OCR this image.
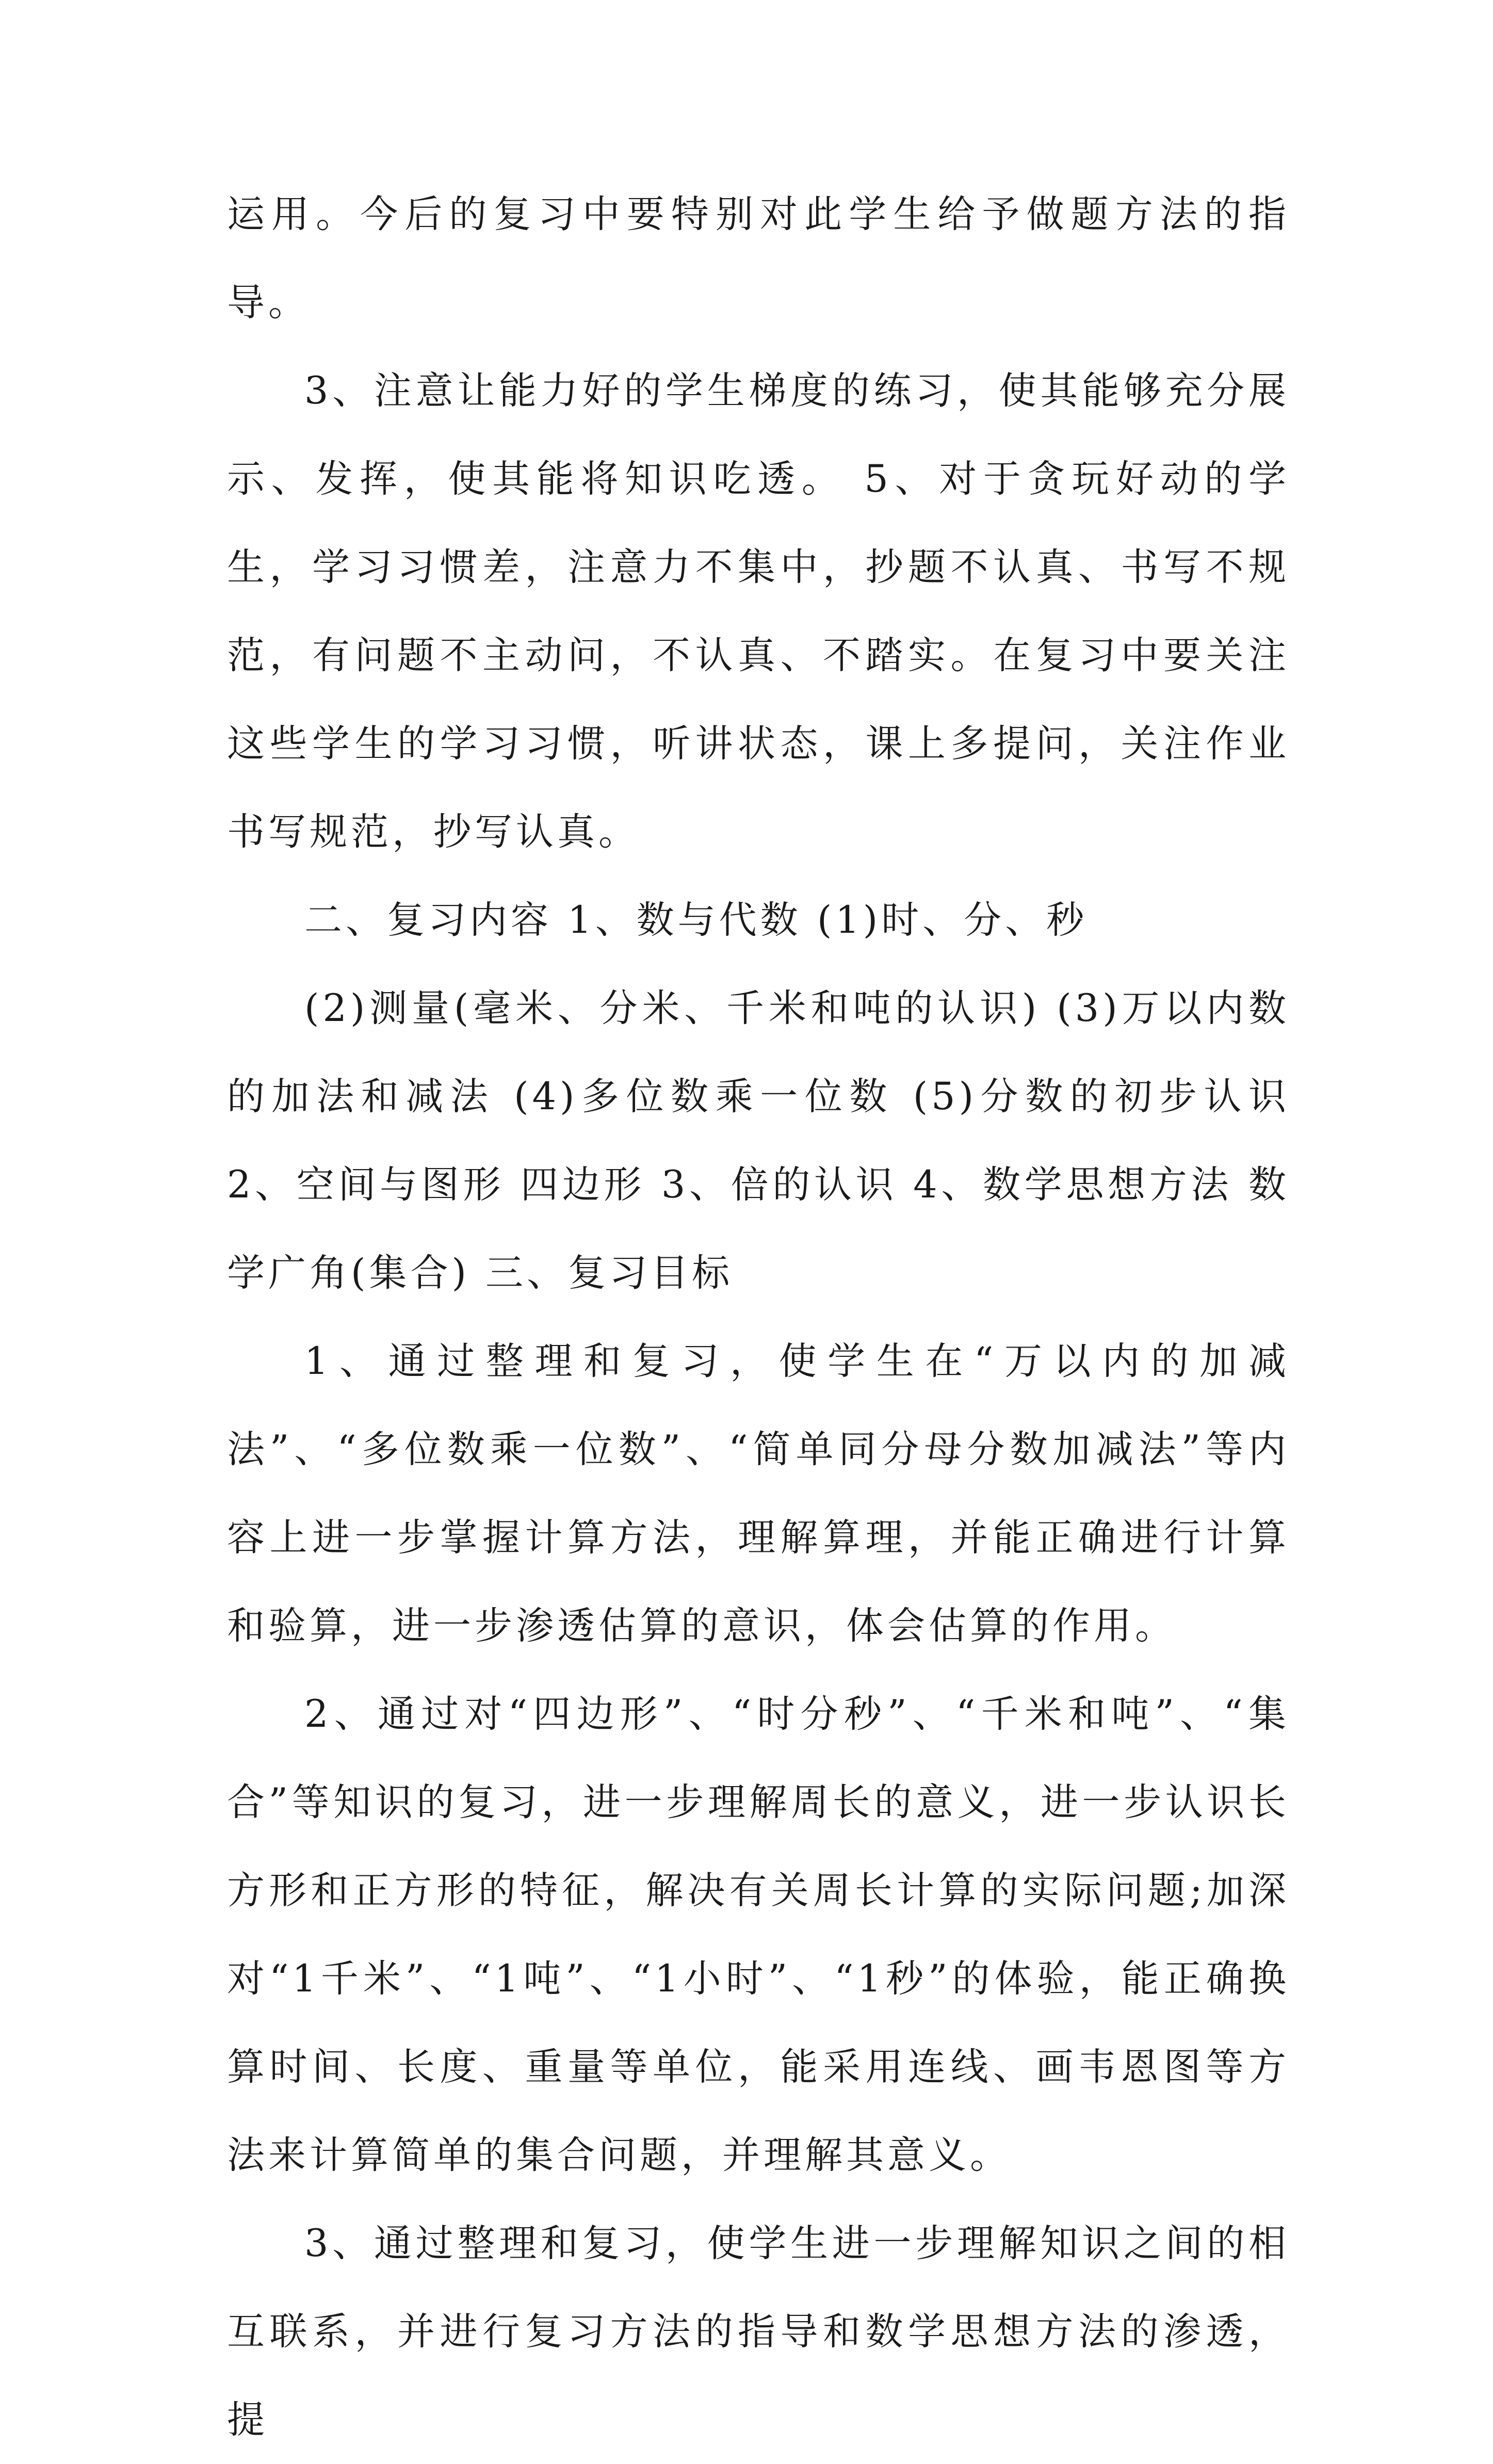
运用。今后的复习中要特别对此学生给予做题方法的指导。

3、注意让能力好的学生梯度的练习，使其能够充分展示、发挥，使其能将知识吃透。 5、对于贪玩好动的学生，学习习惯差，注意力不集中，抄题不认真、书写不规范，有问题不主动问，不认真、不踏实。在复习中要关注这些学生的学习习惯，听讲状态，课上多提问，关注作业书写规范，抄写认真。

二、复习内容 1、数与代数 (1)时、分、秒

(2)测量(毫米、分米、千米和吨的认识) (3)万以内数的加法和减法 (4)多位数乘一位数 (5)分数的初步认识 2、空间与图形 四边形 3、倍的认识 4、数学思想方法 数学广角(集合) 三、复习目标

1、通过整理和复习，使学生在“万以内的加减法”、“多位数乘一位数”、“简单同分母分数加减法”等内容上进一步掌握计算方法，理解算理，并能正确进行计算和验算，进一步渗透估算的意识，体会估算的作用。

2、通过对“四边形”、“时分秒”、“千米和吨”、“集合”等知识的复习，进一步理解周长的意义，进一步认识长方形和正方形的特征，解决有关周长计算的实际问题;加深对“1千米”、“1吨”、“1小时”、“1秒”的体验，能正确换算时间、长度、重量等单位，能采用连线、画韦恩图等方法来计算简单的集合问题，并理解其意义。

3、通过整理和复习，使学生进一步理解知识之间的相互联系，并进行复习方法的指导和数学思想方法的渗透，提
